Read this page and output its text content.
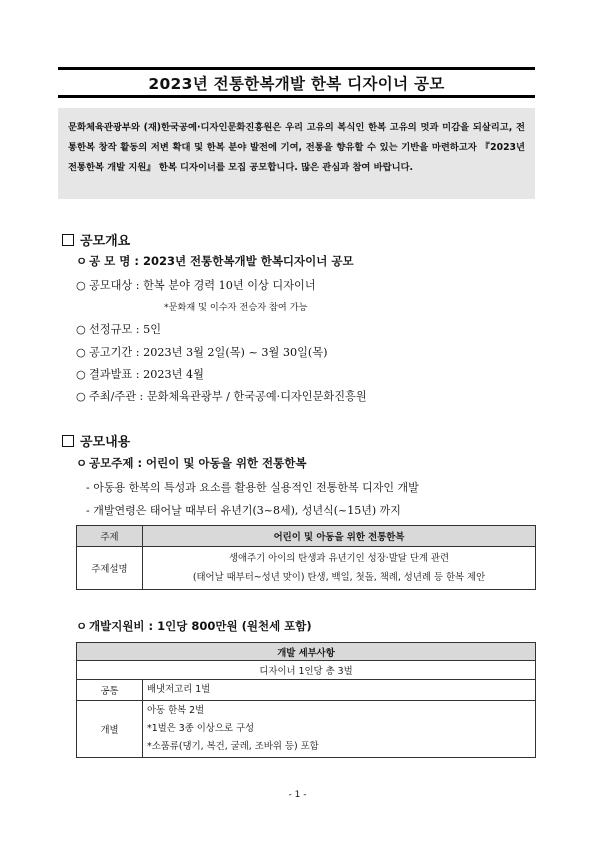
2023년 전통한복개발 한복 디자이너 공모
문화체육관광부와 (재)한국공예·디자인문화진흥원은 우리 고유의 복식인 한복 고유의 멋과 미감을 되살리고, 전통한복 창작 활동의 저변 확대 및 한복 분야 발전에 기여, 전통을 향유할 수 있는 기반을 마련하고자 『2023년 전통한복 개발 지원』 한복 디자이너를 모집 공모합니다. 많은 관심과 참여 바랍니다.
공모개요
ㅇ 공 모 명 : 2023년 전통한복개발 한복디자이너 공모
○ 공모대상 : 한복 분야 경력 10년 이상 디자이너
*문화재 및 이수자 전승자 참여 가능
○ 선정규모 : 5인
○ 공고기간 : 2023년 3월 2일(목) ~ 3월 30일(목)
○ 결과발표 : 2023년 4월
○ 주최/주관 : 문화체육관광부 / 한국공예·디자인문화진흥원
공모내용
ㅇ 공모주제 : 어린이 및 아동을 위한 전통한복
- 아동용 한복의 특성과 요소를 활용한 실용적인 전통한복 디자인 개발
- 개발연령은 태어날 때부터 유년기(3~8세), 성년식(~15년) 까지
주제	어린이 및 아동을 위한 전통한복
주제설명	생애주기 아이의 탄생과 유년기인 성장·발달 단계 관련
(태어날 때부터~성년 맞이) 탄생, 백일, 첫돌, 책례, 성년례 등 한복 제안
ㅇ 개발지원비 : 1인당 800만원 (원천세 포함)
개발 세부사항	
디자이너 1인당 총 3벌	
공통	배냇저고리 1벌
개별	아동 한복 2벌
*1벌은 3종 이상으로 구성
*소품류(댕기, 복건, 굴레, 조바위 등) 포함
- 1 -
